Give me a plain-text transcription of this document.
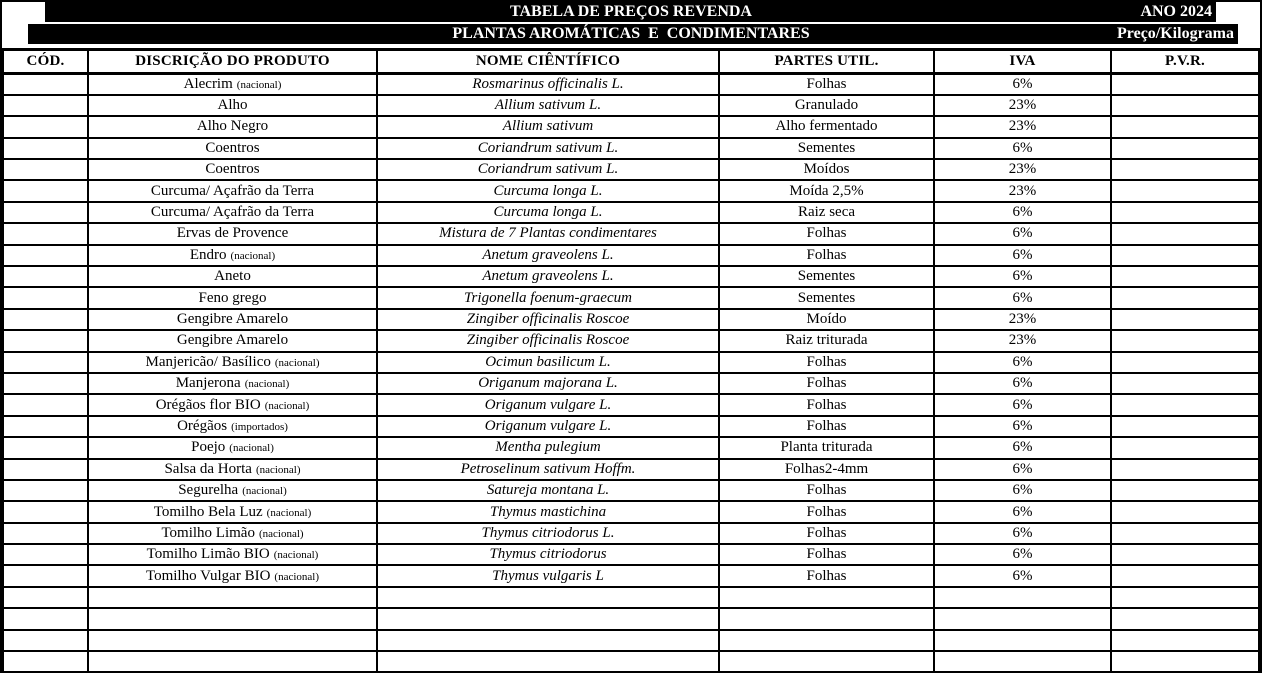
TABELA DE PREÇOS REVENDA	ANO 2024
PLANTAS AROMÁTICAS  E  CONDIMENTARES	Preço/Kilograma
CÓD.	DISCRIÇÃO DO PRODUTO	NOME CIÊNTÍFICO	PARTES UTIL.	IVA	P.V.R.
	Alecrim (nacional)	Rosmarinus officinalis L.	Folhas	6%	
	Alho	Allium sativum L.	Granulado	23%	
	Alho Negro	Allium sativum	Alho fermentado	23%	
	Coentros	Coriandrum sativum L.	Sementes	6%	
	Coentros	Coriandrum sativum L.	Moídos	23%	
	Curcuma/ Açafrão da Terra	Curcuma longa L.	Moída 2,5%	23%	
	Curcuma/ Açafrão da Terra	Curcuma longa L.	Raiz seca	6%	
	Ervas de Provence	Mistura de 7 Plantas condimentares	Folhas	6%	
	Endro (nacional)	Anetum graveolens L.	Folhas	6%	
	Aneto	Anetum graveolens L.	Sementes	6%	
	Feno grego	Trigonella foenum-graecum	Sementes	6%	
	Gengibre Amarelo	Zingiber officinalis Roscoe	Moído	23%	
	Gengibre Amarelo	Zingiber officinalis Roscoe	Raiz triturada	23%	
	Manjericão/ Basílico (nacional)	Ocimun basilicum L.	Folhas	6%	
	Manjerona (nacional)	Origanum majorana L.	Folhas	6%	
	Orégãos flor BIO (nacional)	Origanum vulgare L.	Folhas	6%	
	Orégãos (importados)	Origanum vulgare L.	Folhas	6%	
	Poejo (nacional)	Mentha pulegium	Planta triturada	6%	
	Salsa da Horta (nacional)	Petroselinum sativum Hoffm.	Folhas2-4mm	6%	
	Segurelha (nacional)	Satureja montana L.	Folhas	6%	
	Tomilho Bela Luz (nacional)	Thymus mastichina	Folhas	6%	
	Tomilho Limão (nacional)	Thymus citriodorus L.	Folhas	6%	
	Tomilho Limão BIO (nacional)	Thymus citriodorus	Folhas	6%	
	Tomilho Vulgar BIO (nacional)	Thymus vulgaris L	Folhas	6%	
